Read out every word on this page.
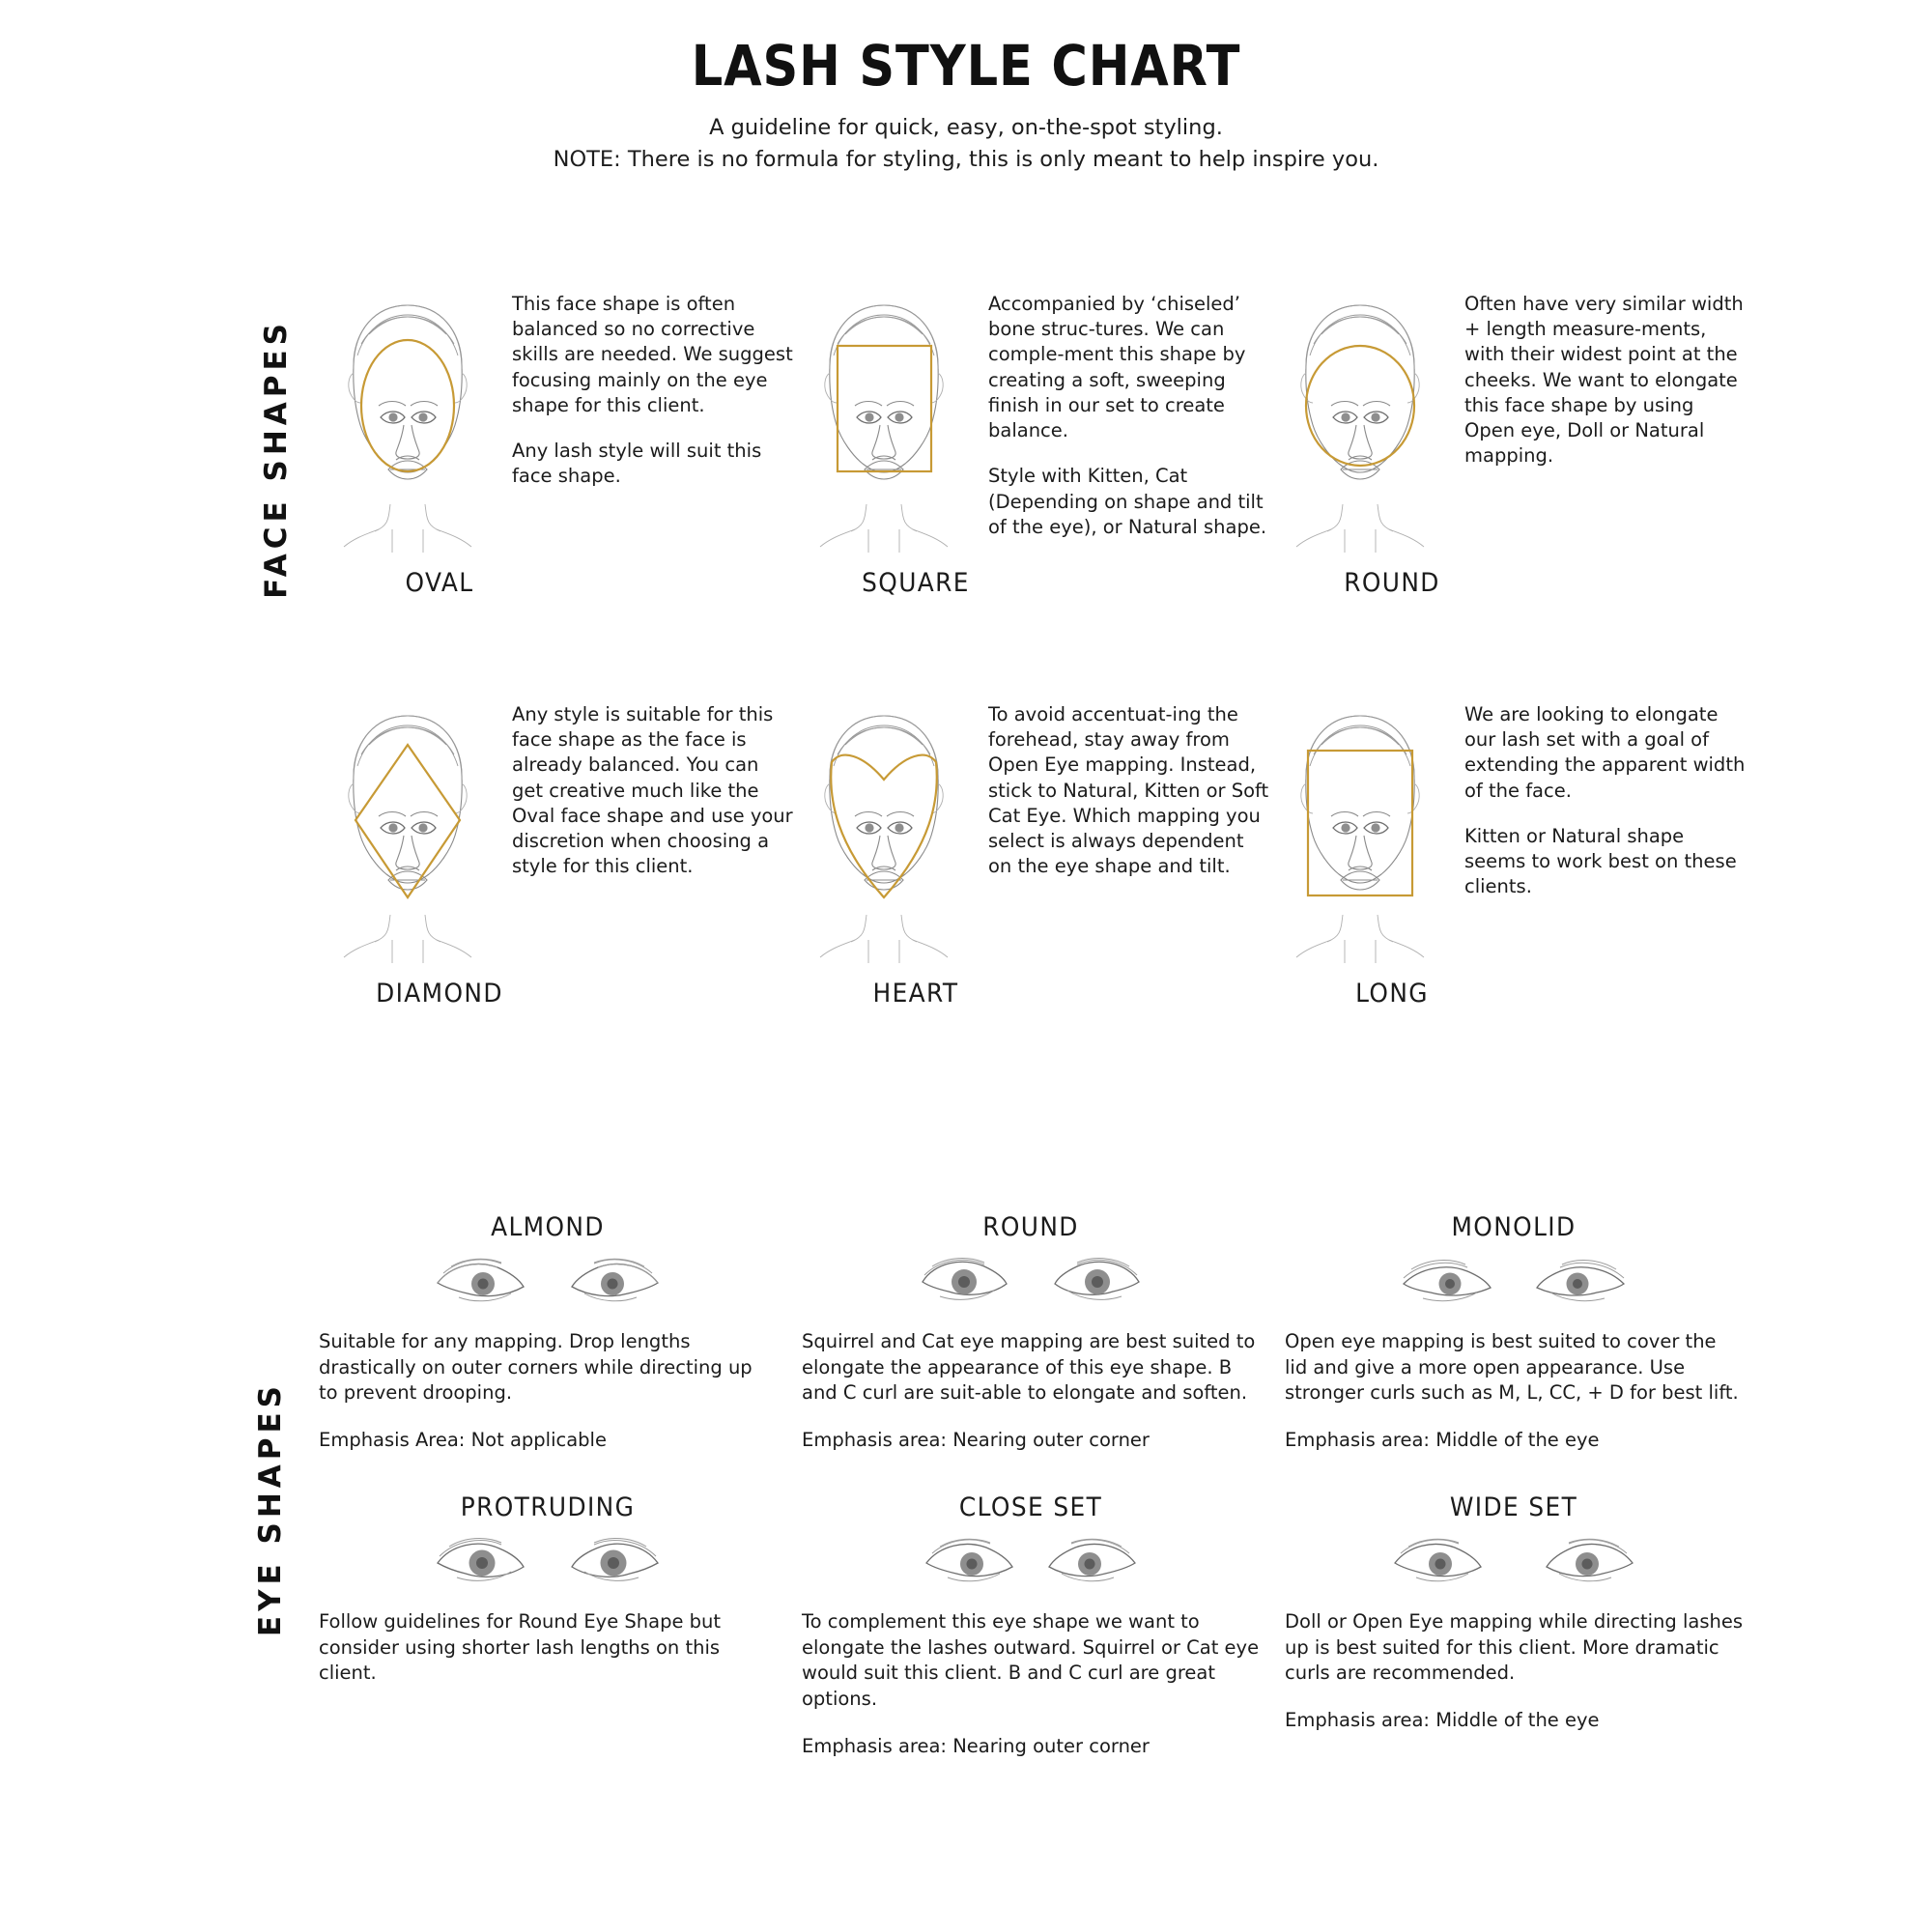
LASH STYLE CHART

A guideline for quick, easy, on-the-spot styling.

NOTE: There is no formula for styling, this is only meant to help inspire you.

FACE SHAPES
EYE SHAPES

This face shape is often balanced so no corrective skills are needed. We suggest focusing mainly on the eye shape for this client.

Any lash style will suit this face shape.

OVAL

Accompanied by ‘chiseled’ bone struc-tures. We can comple-ment this shape by creating a soft, sweeping finish in our set to create balance.

Style with Kitten, Cat (Depending on shape and tilt of the eye), or Natural shape.

SQUARE

Often have very similar width + length measure-ments, with their widest point at the cheeks. We want to elongate this face shape by using Open eye, Doll or Natural mapping.

ROUND

Any style is suitable for this face shape as the face is already balanced. You can get creative much like the Oval face shape and use your discretion when choosing a style for this client.

DIAMOND

To avoid accentuat-ing the forehead, stay away from Open Eye mapping. Instead, stick to Natural, Kitten or Soft Cat Eye. Which mapping you select is always dependent on the eye shape and tilt.

HEART

We are looking to elongate our lash set with a goal of extending the apparent width of the face.

Kitten or Natural shape seems to work best on these clients.

LONG
ALMOND

Suitable for any mapping. Drop lengths drastically on outer corners while directing up to prevent drooping.

Emphasis Area: Not applicable

ROUND

Squirrel and Cat eye mapping are best suited to elongate the appearance of this eye shape. B and C curl are suit-able to elongate and soften.

Emphasis area: Nearing outer corner

MONOLID

Open eye mapping is best suited to cover the lid and give a more open appearance. Use stronger curls such as M, L, CC, + D for best lift.

Emphasis area: Middle of the eye

PROTRUDING

Follow guidelines for Round Eye Shape but consider using shorter lash lengths on this client.

CLOSE SET

To complement this eye shape we want to elongate the lashes outward. Squirrel or Cat eye would suit this client. B and C curl are great options.

Emphasis area: Nearing outer corner

WIDE SET

Doll or Open Eye mapping while directing lashes up is best suited for this client. More dramatic curls are recommended.

Emphasis area: Middle of the eye
